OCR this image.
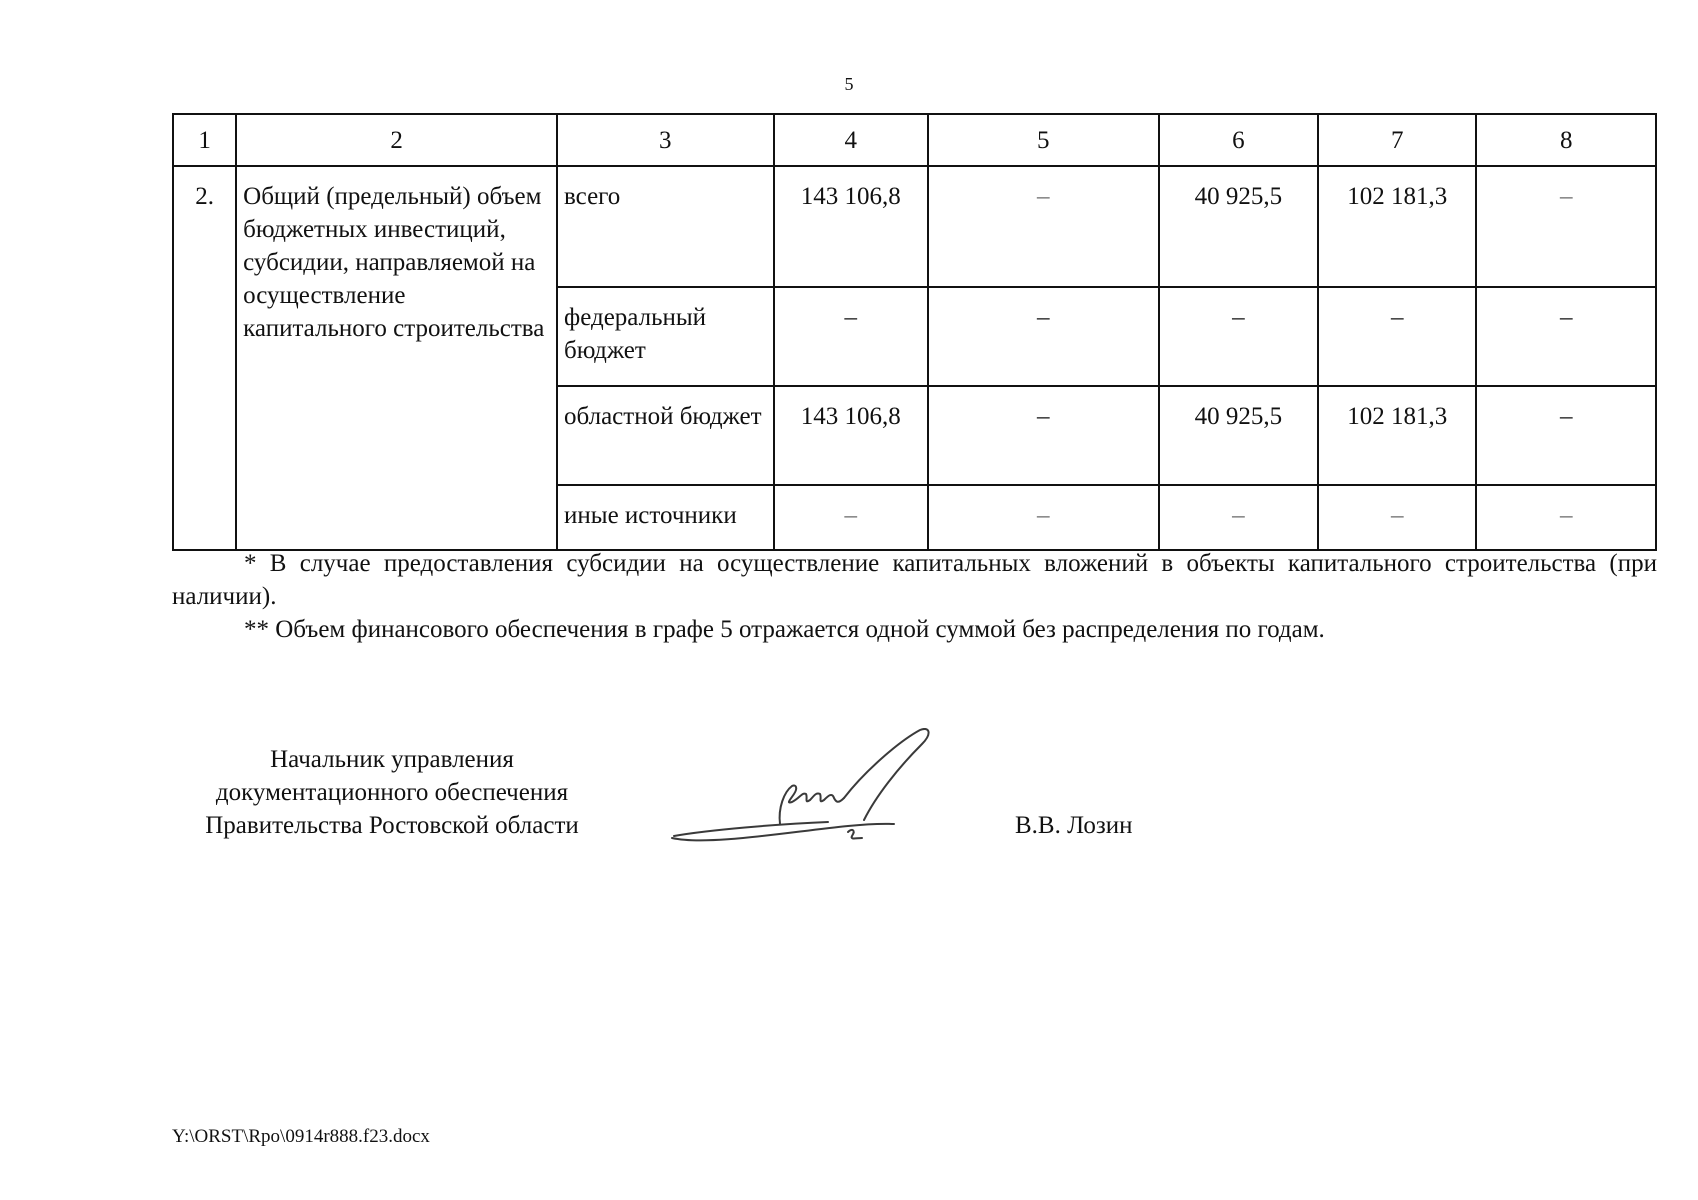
5
1	2	3	4	5	6	7	8
2.	Общий (предельный) объем бюджетных инвестиций, субсидии, направляемой на осуществление капитального строительства	всего	143 106,8	–	40 925,5	102 181,3	–
		федеральный бюджет	–	–	–	–	–
		областной бюджет	143 106,8	–	40 925,5	102 181,3	–
		иные источники	–	–	–	–	–
* В случае предоставления субсидии на осуществление капитальных вложений в объекты капитального строительства (при наличии).
** Объем финансового обеспечения в графе 5 отражается одной суммой без распределения по годам.
Начальник управления
документационного обеспечения
Правительства Ростовской области	В.В. Лозин
Y:\ORST\Rpo\0914r888.f23.docx
